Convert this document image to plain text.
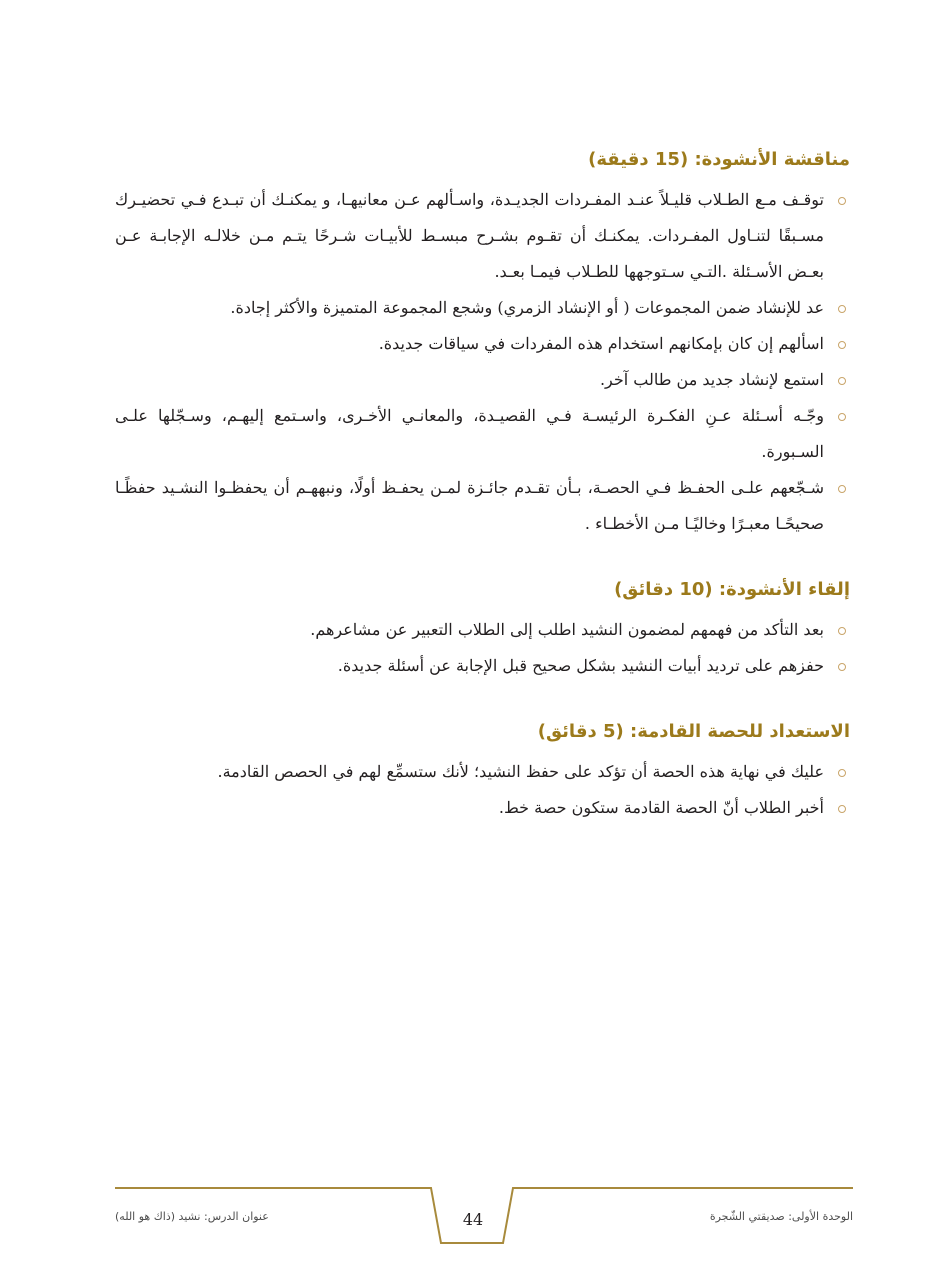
مناقشة الأنشودة: (15 دقيقة)
توقـف مـع الطـلاب قليـلاً عنـد المفـردات الجديـدة، واسـألهم عـن معانيهـا، و يمكنـك أن تبـدع فـي تحضيـرك مسـبقًا لتنـاول المفـردات. يمكنـك أن تقـوم بشـرح مبسـط للأبيـات شـرحًا يتـم مـن خلالـه الإجابـة عـن بعـض الأسـئلة .التـي سـتوجهها للطـلاب فيمـا بعـد.
عد للإنشاد ضمن المجموعات ( أو الإنشاد الزمري) وشجع المجموعة المتميزة والأكثر إجادة.
اسألهم إن كان بإمكانهم استخدام هذه المفردات في سياقات جديدة.
استمع لإنشاد جديد من طالب آخر.
وجّـه أسـئلة عـنِ الفكـرة الرئيسـة فـي القصيـدة، والمعانـي الأخـرى، واسـتمع إليهـم، وسـجّلها علـى السـبورة.
شـجّعهم علـى الحفـظ فـي الحصـة، بـأن تقـدم جائـزة لمـن يحفـظ أولًا، ونبههـم أن يحفظـوا النشـيد حفظًـا صحيحًـا معبـرًا وخاليًـا مـن الأخطـاء .
إلقاء الأنشودة: (10 دقائق)
بعد التأكد من فهمهم لمضمون النشيد اطلب إلى الطلاب التعبير عن مشاعرهم.
حفزهم على ترديد أبيات النشيد بشكل صحيح قبل الإجابة عن أسئلة جديدة.
الاستعداد للحصة القادمة: (5 دقائق)
عليك في نهاية هذه الحصة أن تؤكد على حفظ النشيد؛ لأنك ستسمِّع لهم في الحصص القادمة.
أخبر الطلاب أنّ الحصة القادمة ستكون حصة خط.
عنوان الدرس: نشيد (ذاك هو الله)	44	الوحدة الأولى: صديقتي الشّجرة
